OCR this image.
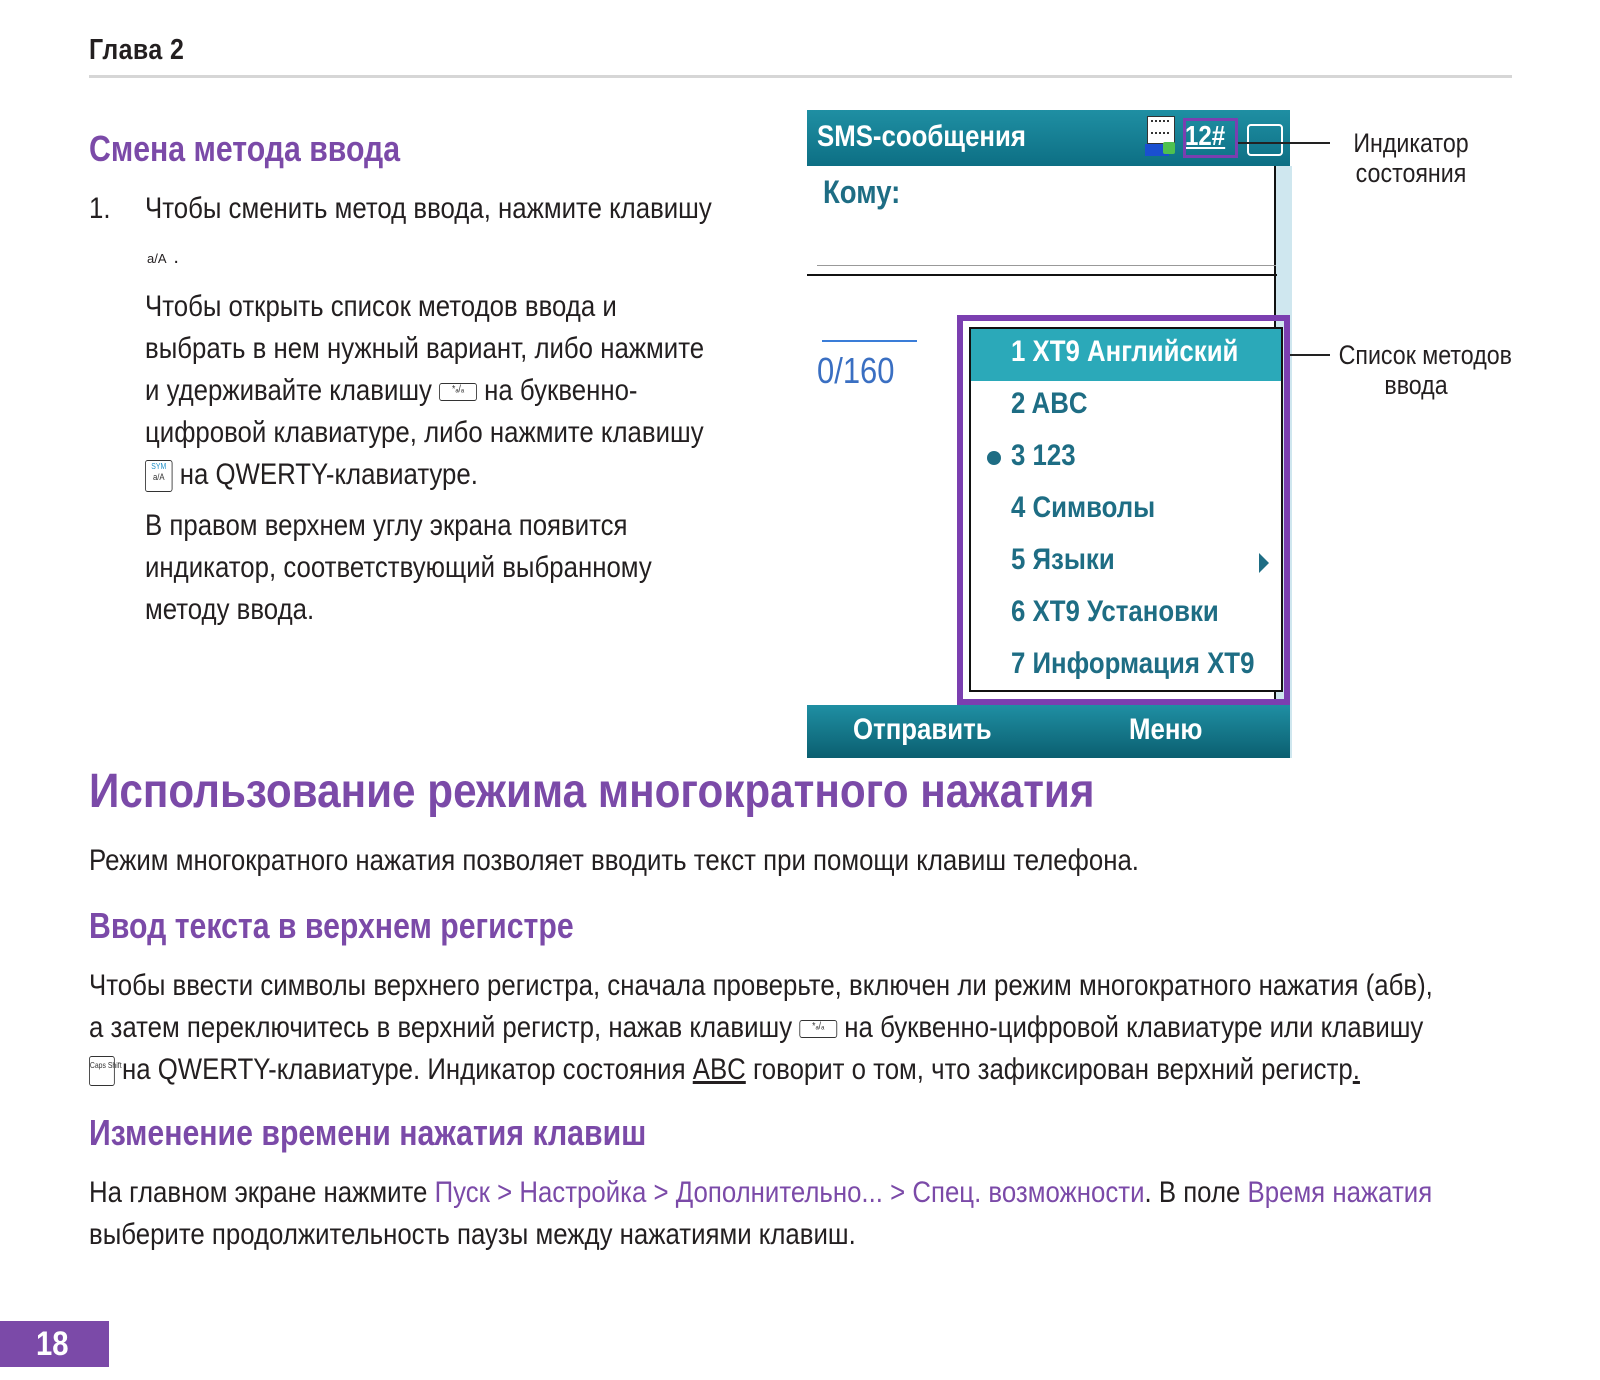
Глава 2
Смена метода ввода
1. Чтобы сменить метод ввода, нажмите клавишу
a/A .
Чтобы открыть список методов ввода и
выбрать в нем нужный вариант, либо нажмите
и удерживайте клавишу *ₐ/ₐ на буквенно-
цифровой клавиатуре, либо нажмите клавишу
SYM
a/A на QWERTY-клавиатуре.
В правом верхнем углу экрана появится
индикатор, соответствующий выбранному
методу ввода.
SMS-сообщения	12#
Кому:
0/160	1 XT9 Английский
2 ABC
3 123
4 Символы
5 Языки
6 XT9 Установки
7 Информация XT9
Отправить	Меню
Индикатор
состояния
Список методов
ввода
Использование режима многократного нажатия
Режим многократного нажатия позволяет вводить текст при помощи клавиш телефона.
Ввод текста в верхнем регистре
Чтобы ввести символы верхнего регистра, сначала проверьте, включен ли режим многократного нажатия (абв),
а затем переключитесь в верхний регистр, нажав клавишу *ₐ/ₐ на буквенно-цифровой клавиатуре или клавишу
Caps Shift на QWERTY-клавиатуре. Индикатор состояния ABC говорит о том, что зафиксирован верхний регистр.
Изменение времени нажатия клавиш
На главном экране нажмите Пуск > Настройка > Дополнительно... > Спец. возможности. В поле Время нажатия
выберите продолжительность паузы между нажатиями клавиш.
18
